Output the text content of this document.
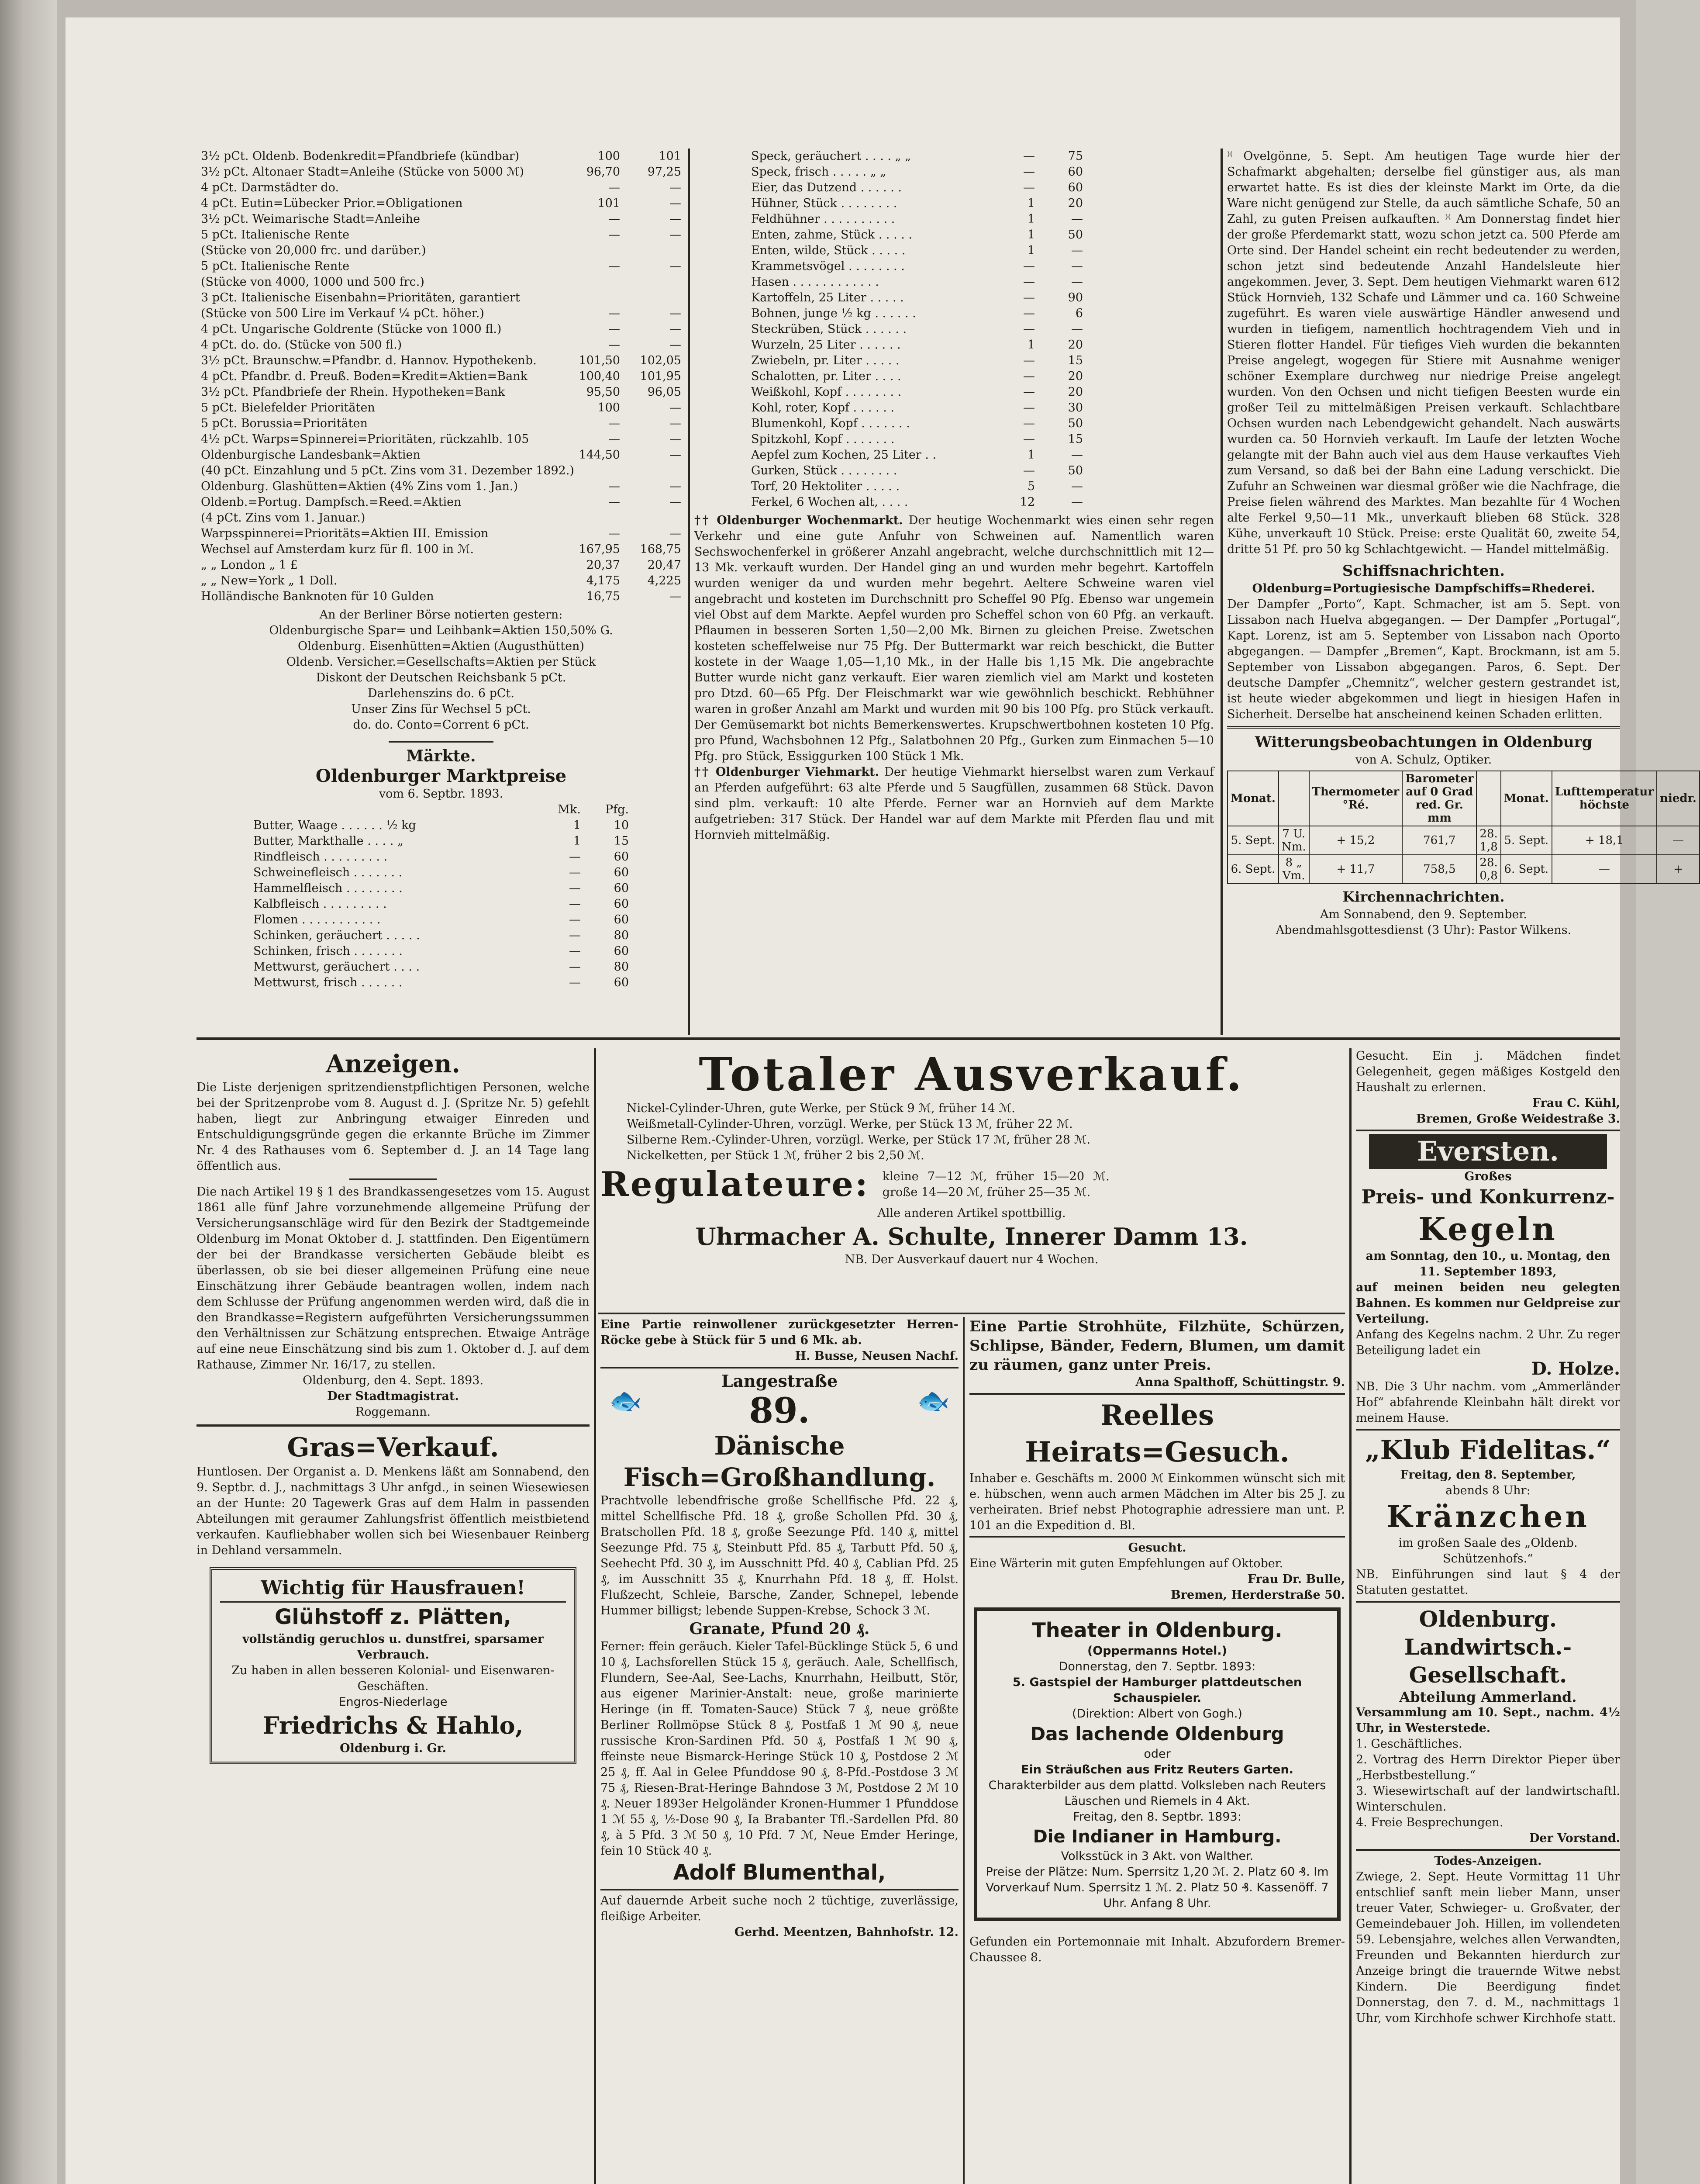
3½ pCt. Oldenb. Bodenkredit=Pfandbriefe (kündbar)	100	101
3½ pCt. Altonaer Stadt=Anleihe (Stücke von 5000 ℳ)	96,70	97,25
4 pCt. Darmstädter do.	—	—
4 pCt. Eutin=Lübecker Prior.=Obligationen	101	—
3½ pCt. Weimarische Stadt=Anleihe	—	—
5 pCt. Italienische Rente	—	—
(Stücke von 20,000 frc. und darüber.)
5 pCt. Italienische Rente	—	—
(Stücke von 4000, 1000 und 500 frc.)
3 pCt. Italienische Eisenbahn=Prioritäten, garantiert
(Stücke von 500 Lire im Verkauf ¼ pCt. höher.)	—	—
4 pCt. Ungarische Goldrente (Stücke von 1000 fl.)	—	—
4 pCt. do. do. (Stücke von 500 fl.)	—	—
3½ pCt. Braunschw.=Pfandbr. d. Hannov. Hypothekenb.	101,50	102,05
4 pCt. Pfandbr. d. Preuß. Boden=Kredit=Aktien=Bank	100,40	101,95
3½ pCt. Pfandbriefe der Rhein. Hypotheken=Bank	95,50	96,05
5 pCt. Bielefelder Prioritäten	100	—
5 pCt. Borussia=Prioritäten	—	—
4½ pCt. Warps=Spinnerei=Prioritäten, rückzahlb. 105	—	—
Oldenburgische Landesbank=Aktien	144,50	—
(40 pCt. Einzahlung und 5 pCt. Zins vom 31. Dezember 1892.)
Oldenburg. Glashütten=Aktien (4% Zins vom 1. Jan.)	—	—
Oldenb.=Portug. Dampfsch.=Reed.=Aktien	—	—
(4 pCt. Zins vom 1. Januar.)
Warpsspinnerei=Prioritäts=Aktien III. Emission	—	—
Wechsel auf Amsterdam kurz für fl. 100 in ℳ.	167,95	168,75
„ „ London „ 1 £	20,37	20,47
„ „ New=York „ 1 Doll.	4,175	4,225
Holländische Banknoten für 10 Gulden	16,75	—
An der Berliner Börse notierten gestern:
Oldenburgische Spar= und Leihbank=Aktien 150,50% G.
Oldenburg. Eisenhütten=Aktien (Augusthütten)
Oldenb. Versicher.=Gesellschafts=Aktien per Stück
Diskont der Deutschen Reichsbank 5 pCt.
Darlehenszins do. 6 pCt.
Unser Zins für Wechsel 5 pCt.
do. do. Conto=Corrent 6 pCt.
Märkte.
Oldenburger Marktpreise
vom 6. Septbr. 1893.
Mk.	Pfg.
Butter, Waage . . . . . . ½ kg	1	10
Butter, Markthalle . . . . „	1	15
Rindfleisch . . . . . . . . .	—	60
Schweinefleisch . . . . . . .	—	60
Hammelfleisch . . . . . . . .	—	60
Kalbfleisch . . . . . . . . .	—	60
Flomen . . . . . . . . . . .	—	60
Schinken, geräuchert . . . . .	—	80
Schinken, frisch . . . . . . .	—	60
Mettwurst, geräuchert . . . .	—	80
Mettwurst, frisch . . . . . .	—	60
Speck, geräuchert . . . . „ „	—	75
Speck, frisch . . . . . „ „	—	60
Eier, das Dutzend . . . . . .	—	60
Hühner, Stück . . . . . . . .	1	20
Feldhühner . . . . . . . . . .	1	—
Enten, zahme, Stück . . . . .	1	50
Enten, wilde, Stück . . . . .	1	—
Krammetsvögel . . . . . . . .	—	—
Hasen . . . . . . . . . . . .	—	—
Kartoffeln, 25 Liter . . . . .	—	90
Bohnen, junge ½ kg . . . . . .	—	6
Steckrüben, Stück . . . . . .	—	—
Wurzeln, 25 Liter . . . . . .	1	20
Zwiebeln, pr. Liter . . . . .	—	15
Schalotten, pr. Liter . . . .	—	20
Weißkohl, Kopf . . . . . . . .	—	20
Kohl, roter, Kopf . . . . . .	—	30
Blumenkohl, Kopf . . . . . . .	—	50
Spitzkohl, Kopf . . . . . . .	—	15
Aepfel zum Kochen, 25 Liter . .	1	—
Gurken, Stück . . . . . . . .	—	50
Torf, 20 Hektoliter . . . . .	5	—
Ferkel, 6 Wochen alt, . . . .	12	—
†† Oldenburger Wochenmarkt. Der heutige Wochenmarkt wies einen sehr regen Verkehr und eine gute Anfuhr von Schweinen auf. Namentlich waren Sechswochenferkel in größerer Anzahl angebracht, welche durchschnittlich mit 12—13 Mk. verkauft wurden. Der Handel ging an und wurden mehr begehrt. Kartoffeln wurden weniger da und wurden mehr begehrt. Aeltere Schweine waren viel angebracht und kosteten im Durchschnitt pro Scheffel 90 Pfg. Ebenso war ungemein viel Obst auf dem Markte. Aepfel wurden pro Scheffel schon von 60 Pfg. an verkauft. Pflaumen in besseren Sorten 1,50—2,00 Mk. Birnen zu gleichen Preise. Zwetschen kosteten scheffelweise nur 75 Pfg. Der Buttermarkt war reich beschickt, die Butter kostete in der Waage 1,05—1,10 Mk., in der Halle bis 1,15 Mk. Die angebrachte Butter wurde nicht ganz verkauft. Eier waren ziemlich viel am Markt und kosteten pro Dtzd. 60—65 Pfg. Der Fleischmarkt war wie gewöhnlich beschickt. Rebhühner waren in großer Anzahl am Markt und wurden mit 90 bis 100 Pfg. pro Stück verkauft. Der Gemüsemarkt bot nichts Bemerkenswertes. Krupschwertbohnen kosteten 10 Pfg. pro Pfund, Wachsbohnen 12 Pfg., Salatbohnen 20 Pfg., Gurken zum Einmachen 5—10 Pfg. pro Stück, Essiggurken 100 Stück 1 Mk.
†† Oldenburger Viehmarkt. Der heutige Viehmarkt hierselbst waren zum Verkauf an Pferden aufgeführt: 63 alte Pferde und 5 Saugfüllen, zusammen 68 Stück. Davon sind plm. verkauft: 10 alte Pferde. Ferner war an Hornvieh auf dem Markte aufgetrieben: 317 Stück. Der Handel war auf dem Markte mit Pferden flau und mit Hornvieh mittelmäßig.
⁾⁽ Ovelgönne, 5. Sept. Am heutigen Tage wurde hier der Schafmarkt abgehalten; derselbe fiel günstiger aus, als man erwartet hatte. Es ist dies der kleinste Markt im Orte, da die Ware nicht genügend zur Stelle, da auch sämtliche Schafe, 50 an Zahl, zu guten Preisen aufkauften. ⁾⁽ Am Donnerstag findet hier der große Pferdemarkt statt, wozu schon jetzt ca. 500 Pferde am Orte sind. Der Handel scheint ein recht bedeutender zu werden, schon jetzt sind bedeutende Anzahl Handelsleute hier angekommen. Jever, 3. Sept. Dem heutigen Viehmarkt waren 612 Stück Hornvieh, 132 Schafe und Lämmer und ca. 160 Schweine zugeführt. Es waren viele auswärtige Händler anwesend und wurden in tiefigem, namentlich hochtragendem Vieh und in Stieren flotter Handel. Für tiefiges Vieh wurden die bekannten Preise angelegt, wogegen für Stiere mit Ausnahme weniger schöner Exemplare durchweg nur niedrige Preise angelegt wurden. Von den Ochsen und nicht tiefigen Beesten wurde ein großer Teil zu mittelmäßigen Preisen verkauft. Schlachtbare Ochsen wurden nach Lebendgewicht gehandelt. Nach auswärts wurden ca. 50 Hornvieh verkauft. Im Laufe der letzten Woche gelangte mit der Bahn auch viel aus dem Hause verkauftes Vieh zum Versand, so daß bei der Bahn eine Ladung verschickt. Die Zufuhr an Schweinen war diesmal größer wie die Nachfrage, die Preise fielen während des Marktes. Man bezahlte für 4 Wochen alte Ferkel 9,50—11 Mk., unverkauft blieben 68 Stück. 328 Kühe, unverkauft 10 Stück. Preise: erste Qualität 60, zweite 54, dritte 51 Pf. pro 50 kg Schlachtgewicht. — Handel mittelmäßig.
Schiffsnachrichten.
Oldenburg=Portugiesische Dampfschiffs=Rhederei.
Der Dampfer „Porto“, Kapt. Schmacher, ist am 5. Sept. von Lissabon nach Huelva abgegangen. — Der Dampfer „Portugal“, Kapt. Lorenz, ist am 5. September von Lissabon nach Oporto abgegangen. — Dampfer „Bremen“, Kapt. Brockmann, ist am 5. September von Lissabon abgegangen. Paros, 6. Sept. Der deutsche Dampfer „Chemnitz“, welcher gestern gestrandet ist, ist heute wieder abgekommen und liegt in hiesigen Hafen in Sicherheit. Derselbe hat anscheinend keinen Schaden erlitten.
Witterungsbeobachtungen in Oldenburg
von A. Schulz, Optiker.
Monat.		Thermometer °Ré.	Barometer auf 0 Grad red. Gr. mm		Monat.	Lufttemperatur höchste	niedr.
5. Sept.	7 U. Nm.	+ 15,2	761,7	28. 1,8	5. Sept.	+ 18,1	—
6. Sept.	8 „ Vm.	+ 11,7	758,5	28. 0,8	6. Sept.	—	+
Kirchennachrichten.
Am Sonnabend, den 9. September.
Abendmahlsgottesdienst (3 Uhr): Pastor Wilkens.
Anzeigen.
Die Liste derjenigen spritzendienstpflichtigen Personen, welche bei der Spritzenprobe vom 8. August d. J. (Spritze Nr. 5) gefehlt haben, liegt zur Anbringung etwaiger Einreden und Entschuldigungsgründe gegen die erkannte Brüche im Zimmer Nr. 4 des Rathauses vom 6. September d. J. an 14 Tage lang öffentlich aus.
Die nach Artikel 19 § 1 des Brandkassengesetzes vom 15. August 1861 alle fünf Jahre vorzunehmende allgemeine Prüfung der Versicherungsanschläge wird für den Bezirk der Stadtgemeinde Oldenburg im Monat Oktober d. J. stattfinden. Den Eigentümern der bei der Brandkasse versicherten Gebäude bleibt es überlassen, ob sie bei dieser allgemeinen Prüfung eine neue Einschätzung ihrer Gebäude beantragen wollen, indem nach dem Schlusse der Prüfung angenommen werden wird, daß die in den Brandkasse=Registern aufgeführten Versicherungssummen den Verhältnissen zur Schätzung entsprechen. Etwaige Anträge auf eine neue Einschätzung sind bis zum 1. Oktober d. J. auf dem Rathause, Zimmer Nr. 16/17, zu stellen.
Oldenburg, den 4. Sept. 1893.
Der Stadtmagistrat.
Roggemann.
Gras=Verkauf.
Huntlosen. Der Organist a. D. Menkens läßt am Sonnabend, den 9. Septbr. d. J., nachmittags 3 Uhr anfgd., in seinen Wiesewiesen an der Hunte: 20 Tagewerk Gras auf dem Halm in passenden Abteilungen mit geraumer Zahlungsfrist öffentlich meistbietend verkaufen. Kaufliebhaber wollen sich bei Wiesenbauer Reinberg in Dehland versammeln.
Wichtig für Hausfrauen!
Glühstoff z. Plätten,
vollständig geruchlos u. dunstfrei, sparsamer Verbrauch.
Zu haben in allen besseren Kolonial- und Eisenwaren-Geschäften.
Engros-Niederlage
Friedrichs & Hahlo,
Oldenburg i. Gr.
Totaler Ausverkauf.
Nickel-Cylinder-Uhren, gute Werke, per Stück 9 ℳ, früher 14 ℳ.
Weißmetall-Cylinder-Uhren, vorzügl. Werke, per Stück 13 ℳ, früher 22 ℳ.
Silberne Rem.-Cylinder-Uhren, vorzügl. Werke, per Stück 17 ℳ, früher 28 ℳ.
Nickelketten, per Stück 1 ℳ, früher 2 bis 2,50 ℳ.
Regulateure: kleine 7—12 ℳ, früher 15—20 ℳ. große 14—20 ℳ, früher 25—35 ℳ.
Alle anderen Artikel spottbillig.
Uhrmacher A. Schulte, Innerer Damm 13.
NB. Der Ausverkauf dauert nur 4 Wochen.
Eine Partie reinwollener zurückgesetzter Herren-Röcke gebe à Stück für 5 und 6 Mk. ab.
H. Busse, Neusen Nachf.
🐟
Langestraße
89.	🐟
Dänische Fisch=Großhandlung.
Prachtvolle lebendfrische große Schellfische Pfd. 22 ₰, mittel Schellfische Pfd. 18 ₰, große Schollen Pfd. 30 ₰, Bratschollen Pfd. 18 ₰, große Seezunge Pfd. 140 ₰, mittel Seezunge Pfd. 75 ₰, Steinbutt Pfd. 85 ₰, Tarbutt Pfd. 50 ₰, Seehecht Pfd. 30 ₰, im Ausschnitt Pfd. 40 ₰, Cablian Pfd. 25 ₰, im Ausschnitt 35 ₰, Knurrhahn Pfd. 18 ₰, ff. Holst. Flußzecht, Schleie, Barsche, Zander, Schnepel, lebende Hummer billigst; lebende Suppen-Krebse, Schock 3 ℳ.
Granate, Pfund 20 ₰.
Ferner: ffein geräuch. Kieler Tafel-Bücklinge Stück 5, 6 und 10 ₰, Lachsforellen Stück 15 ₰, geräuch. Aale, Schellfisch, Flundern, See-Aal, See-Lachs, Knurrhahn, Heilbutt, Stör, aus eigener Marinier-Anstalt: neue, große marinierte Heringe (in ff. Tomaten-Sauce) Stück 7 ₰, neue größte Berliner Rollmöpse Stück 8 ₰, Postfaß 1 ℳ 90 ₰, neue russische Kron-Sardinen Pfd. 50 ₰, Postfaß 1 ℳ 90 ₰, ffeinste neue Bismarck-Heringe Stück 10 ₰, Postdose 2 ℳ 25 ₰, ff. Aal in Gelee Pfunddose 90 ₰, 8-Pfd.-Postdose 3 ℳ 75 ₰, Riesen-Brat-Heringe Bahndose 3 ℳ, Postdose 2 ℳ 10 ₰. Neuer 1893er Helgoländer Kronen-Hummer 1 Pfunddose 1 ℳ 55 ₰, ½-Dose 90 ₰, Ia Brabanter Tfl.-Sardellen Pfd. 80 ₰, à 5 Pfd. 3 ℳ 50 ₰, 10 Pfd. 7 ℳ, Neue Emder Heringe, fein 10 Stück 40 ₰.
Adolf Blumenthal,
Auf dauernde Arbeit suche noch 2 tüchtige, zuverlässige, fleißige Arbeiter.
Gerhd. Meentzen, Bahnhofstr. 12.
Eine Partie Strohhüte, Filzhüte, Schürzen, Schlipse, Bänder, Federn, Blumen, um damit zu räumen, ganz unter Preis.
Anna Spalthoff, Schüttingstr. 9.
Reelles Heirats=Gesuch.
Inhaber e. Geschäfts m. 2000 ℳ Einkommen wünscht sich mit e. hübschen, wenn auch armen Mädchen im Alter bis 25 J. zu verheiraten. Brief nebst Photographie adressiere man unt. P. 101 an die Expedition d. Bl.
Gesucht.
Eine Wärterin mit guten Empfehlungen auf Oktober.
Frau Dr. Bulle,
Bremen, Herderstraße 50.
Theater in Oldenburg.
(Oppermanns Hotel.)
Donnerstag, den 7. Septbr. 1893:
5. Gastspiel der Hamburger plattdeutschen Schauspieler.
(Direktion: Albert von Gogh.)
Das lachende Oldenburg
oder
Ein Sträußchen aus Fritz Reuters Garten.
Charakterbilder aus dem plattd. Volksleben nach Reuters Läuschen und Riemels in 4 Akt.
Freitag, den 8. Septbr. 1893:
Die Indianer in Hamburg.
Volksstück in 3 Akt. von Walther.
Preise der Plätze: Num. Sperrsitz 1,20 ℳ. 2. Platz 60 ₰. Im Vorverkauf Num. Sperrsitz 1 ℳ. 2. Platz 50 ₰. Kassenöff. 7 Uhr. Anfang 8 Uhr.
Gefunden ein Portemonnaie mit Inhalt. Abzufordern Bremer-Chaussee 8.
Gesucht. Ein j. Mädchen findet Gelegenheit, gegen mäßiges Kostgeld den Haushalt zu erlernen.
Frau C. Kühl,
Bremen, Große Weidestraße 3.
Eversten.
Großes
Preis- und Konkurrenz-
Kegeln
am Sonntag, den 10., u. Montag, den 11. September 1893,
auf meinen beiden neu gelegten Bahnen. Es kommen nur Geldpreise zur Verteilung.
Anfang des Kegelns nachm. 2 Uhr. Zu reger Beteiligung ladet ein
D. Holze.
NB. Die 3 Uhr nachm. vom „Ammerländer Hof“ abfahrende Kleinbahn hält direkt vor meinem Hause.
„Klub Fidelitas.“
Freitag, den 8. September,
abends 8 Uhr:
Kränzchen
im großen Saale des „Oldenb. Schützenhofs.“
NB. Einführungen sind laut § 4 der Statuten gestattet.
Oldenburg. Landwirtsch.-Gesellschaft.
Abteilung Ammerland.
Versammlung am 10. Sept., nachm. 4½ Uhr, in Westerstede.
1. Geschäftliches.
2. Vortrag des Herrn Direktor Pieper über „Herbstbestellung.“
3. Wiesewirtschaft auf der landwirtschaftl. Winterschulen.
4. Freie Besprechungen.
Der Vorstand.
Todes-Anzeigen.
Zwiege, 2. Sept. Heute Vormittag 11 Uhr entschlief sanft mein lieber Mann, unser treuer Vater, Schwieger- u. Großvater, der Gemeindebauer Joh. Hillen, im vollendeten 59. Lebensjahre, welches allen Verwandten, Freunden und Bekannten hierdurch zur Anzeige bringt die trauernde Witwe nebst Kindern. Die Beerdigung findet Donnerstag, den 7. d. M., nachmittags 1 Uhr, vom Kirchhofe schwer Kirchhofe statt.
